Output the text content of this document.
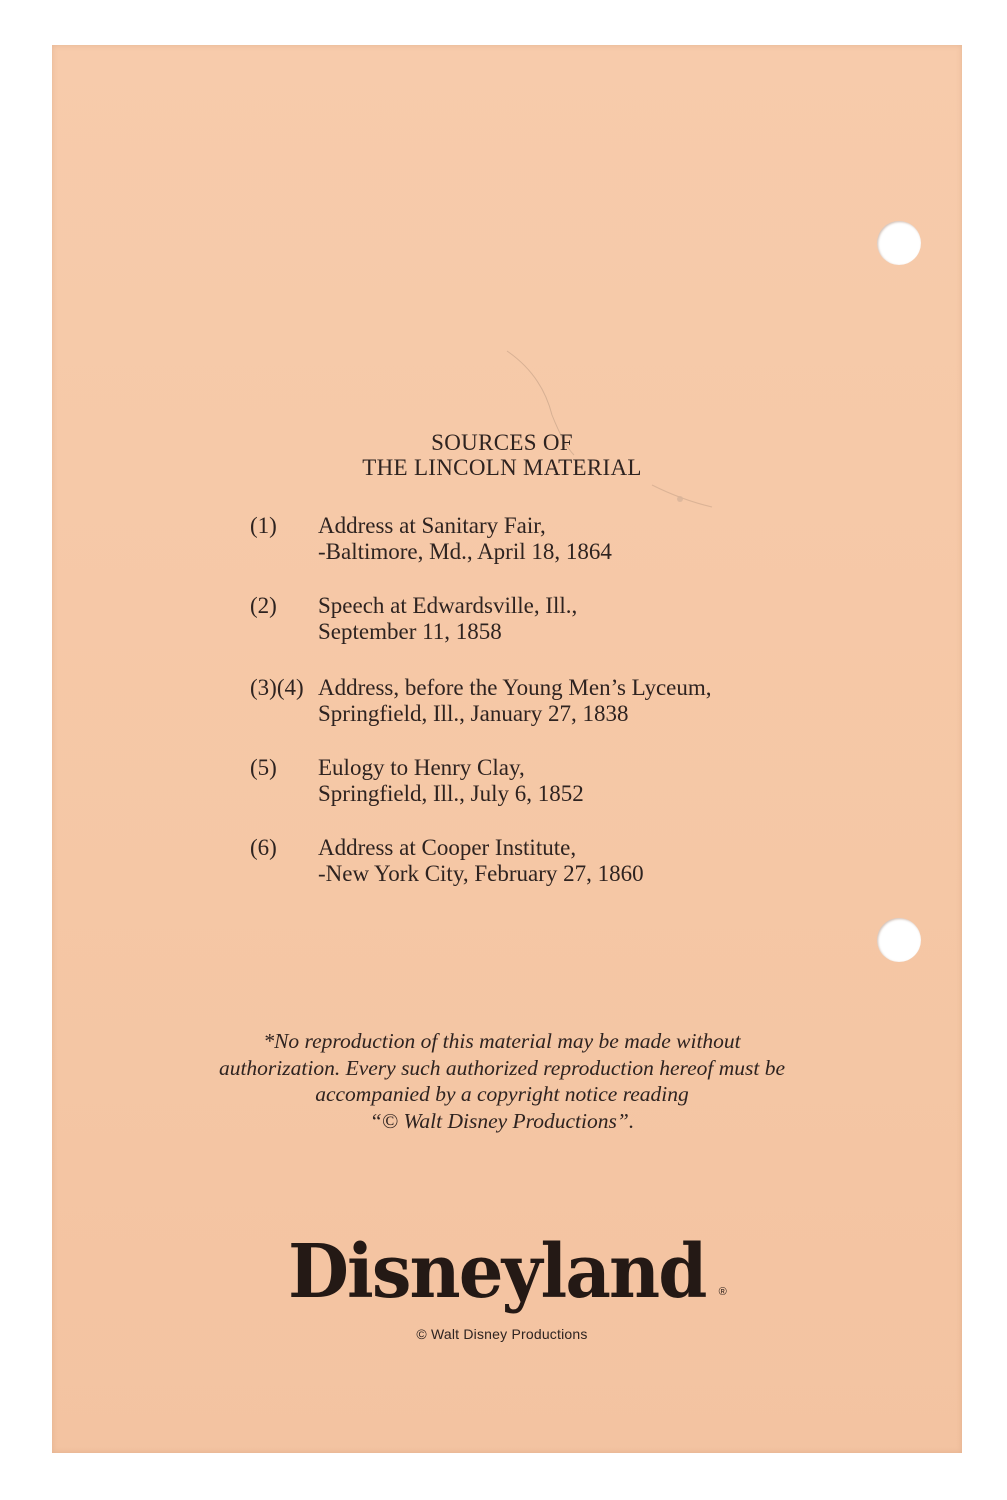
SOURCES OF
THE LINCOLN MATERIAL
(1) Address at Sanitary Fair,
-Baltimore, Md., April 18, 1864
(2) Speech at Edwardsville, Ill.,
September 11, 1858
(3)(4) Address, before the Young Men’s Lyceum,
Springfield, Ill., January 27, 1838
(5) Eulogy to Henry Clay,
Springfield, Ill., July 6, 1852
(6) Address at Cooper Institute,
-New York City, February 27, 1860
*No reproduction of this material may be made without
authorization. Every such authorized reproduction hereof must be
accompanied by a copyright notice reading
“© Walt Disney Productions”.
Disneyland ®
© Walt Disney Productions
